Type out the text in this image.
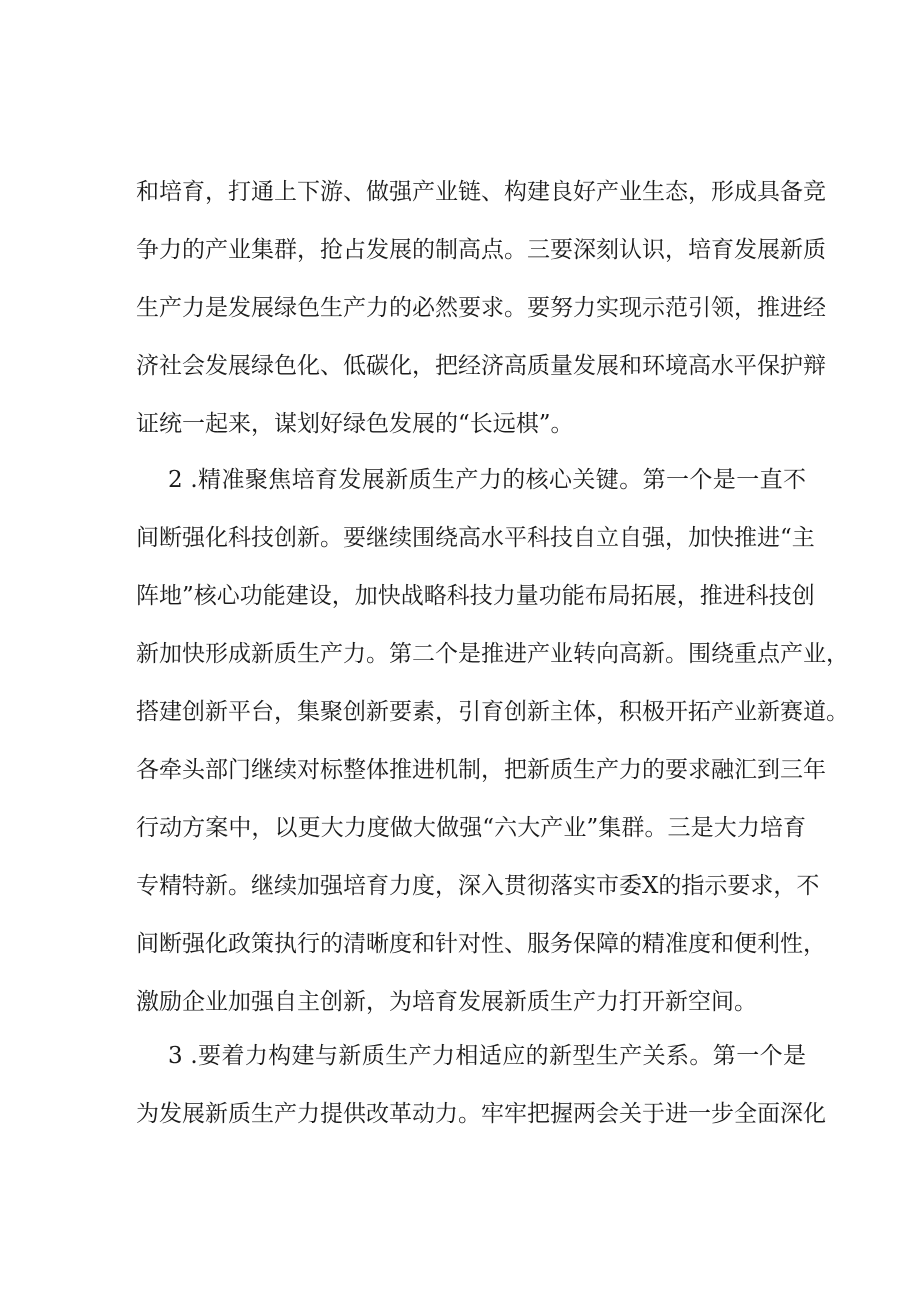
和培育，打通上下游、做强产业链、构建良好产业生态，形成具备竞
争力的产业集群，抢占发展的制高点。三要深刻认识，培育发展新质
生产力是发展绿色生产力的必然要求。要努力实现示范引领，推进经
济社会发展绿色化、低碳化，把经济高质量发展和环境高水平保护辩
证统一起来，谋划好绿色发展的“长远棋”。
2 .精准聚焦培育发展新质生产力的核心关键。第一个是一直不
间断强化科技创新。要继续围绕高水平科技自立自强，加快推进“主
阵地”核心功能建设，加快战略科技力量功能布局拓展，推进科技创
新加快形成新质生产力。第二个是推进产业转向高新。围绕重点产业，
搭建创新平台，集聚创新要素，引育创新主体，积极开拓产业新赛道。
各牵头部门继续对标整体推进机制，把新质生产力的要求融汇到三年
行动方案中，以更大力度做大做强“六大产业”集群。三是大力培育
专精特新。继续加强培育力度，深入贯彻落实市委X的指示要求，不
间断强化政策执行的清晰度和针对性、服务保障的精准度和便利性，
激励企业加强自主创新，为培育发展新质生产力打开新空间。
3 .要着力构建与新质生产力相适应的新型生产关系。第一个是
为发展新质生产力提供改革动力。牢牢把握两会关于进一步全面深化
